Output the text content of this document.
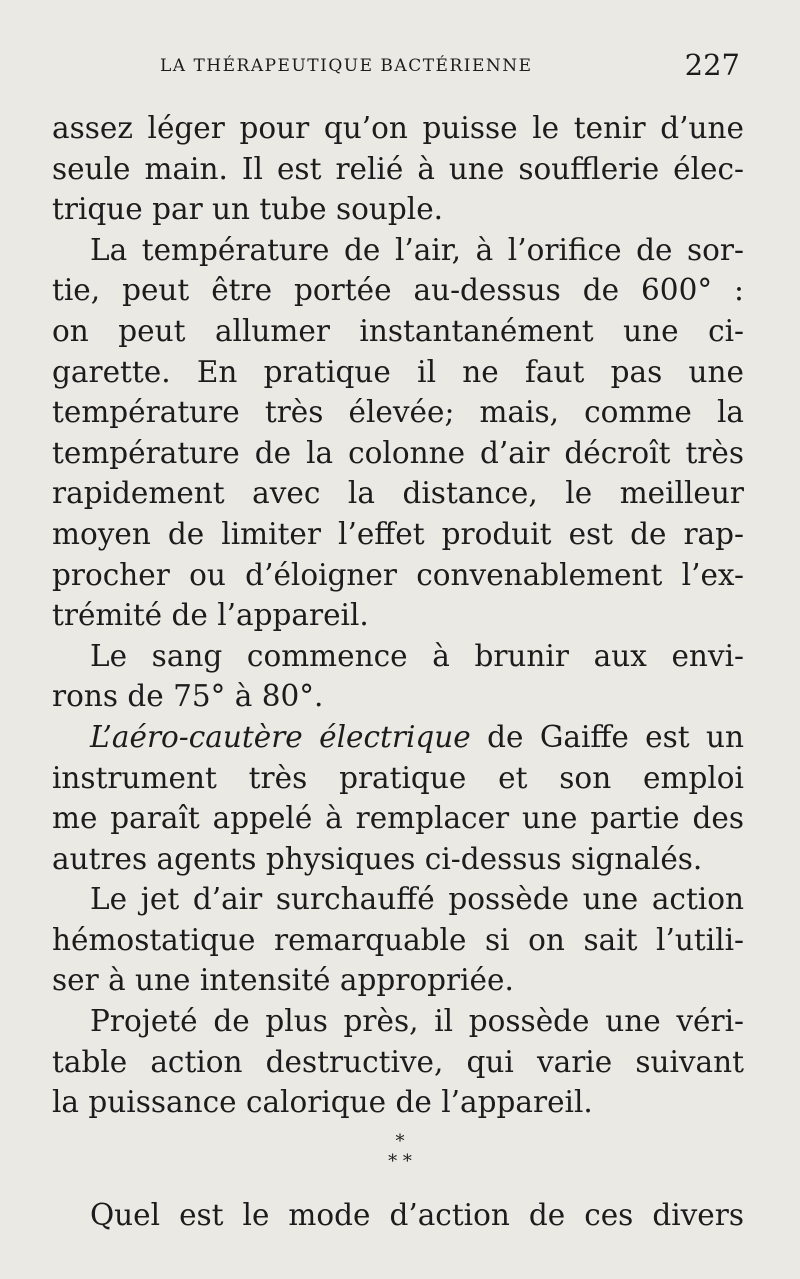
LA THÉRAPEUTIQUE BACTÉRIENNE	227
assez léger pour qu’on puisse le tenir d’une
seule main. Il est relié à une soufflerie élec-
trique par un tube souple.
La température de l’air, à l’orifice de sor-
tie, peut être portée au-dessus de 600° :
on peut allumer instantanément une ci-
garette. En pratique il ne faut pas une
température très élevée; mais, comme la
température de la colonne d’air décroît très
rapidement avec la distance, le meilleur
moyen de limiter l’effet produit est de rap-
procher ou d’éloigner convenablement l’ex-
trémité de l’appareil.
Le sang commence à brunir aux envi-
rons de 75° à 80°.
L’aéro-cautère électrique de Gaiffe est un
instrument très pratique et son emploi
me paraît appelé à remplacer une partie des
autres agents physiques ci-dessus signalés.
Le jet d’air surchauffé possède une action
hémostatique remarquable si on sait l’utili-
ser à une intensité appropriée.
Projeté de plus près, il possède une véri-
table action destructive, qui varie suivant
la puissance calorique de l’appareil.
*
* *
Quel est le mode d’action de ces divers
